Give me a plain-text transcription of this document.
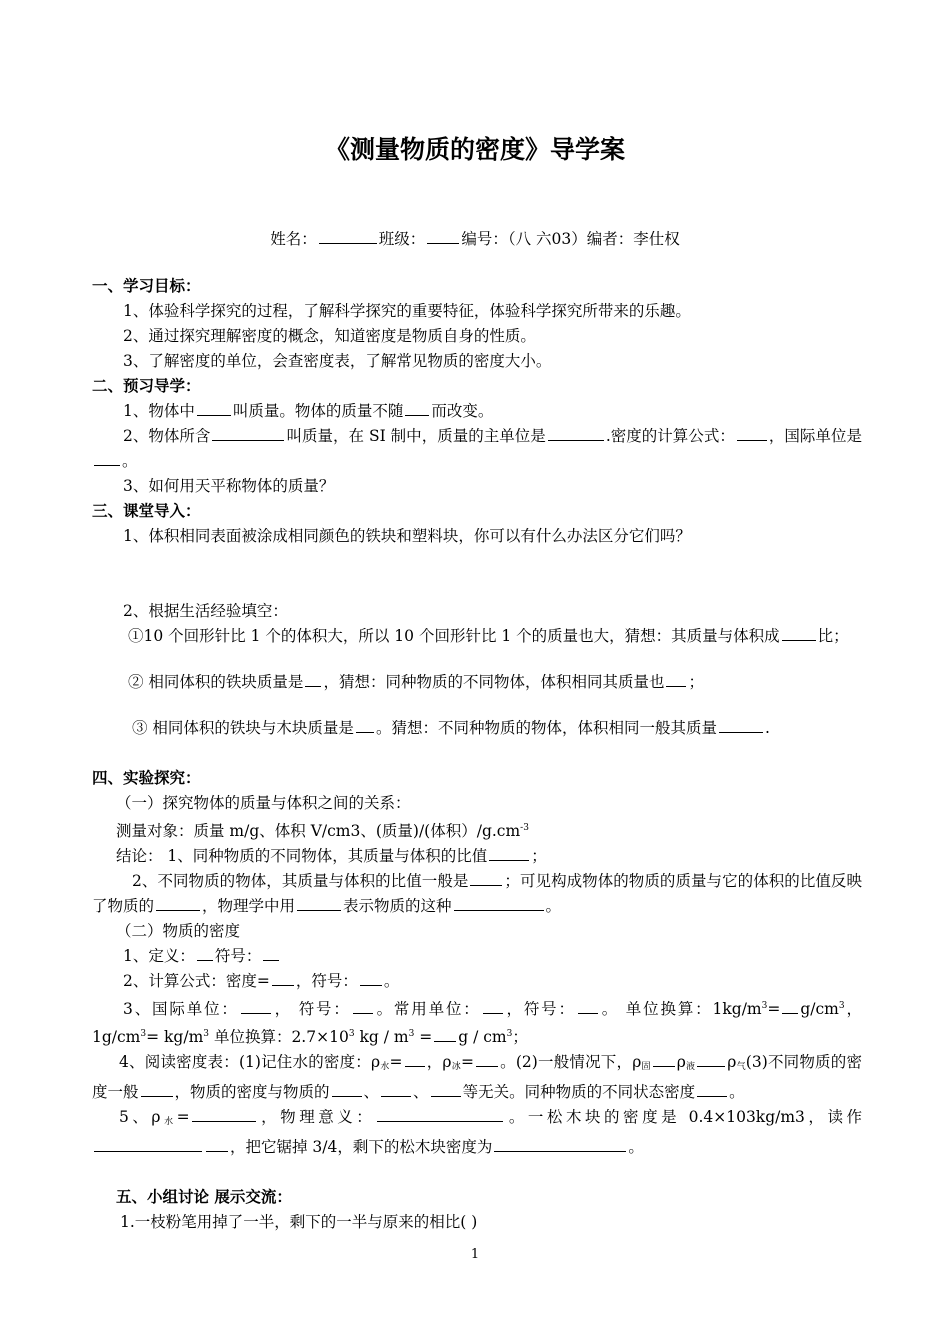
《测量物质的密度》导学案
姓名：	班级： 编号：（八 六03）编者：李仕权
一、学习目标：
1、体验科学探究的过程，了解科学探究的重要特征，体验科学探究所带来的乐趣。
2、通过探究理解密度的概念，知道密度是物质自身的性质。
3、了解密度的单位，会查密度表，了解常见物质的密度大小。
二、预习导学：
1、物体中 叫质量。物体的质量不随 而改变。
2、物体所含	叫质量，在 SI 制中，质量的主单位是	.密度的计算公式： ，国际单位是。
3、如何用天平称物体的质量？
三、课堂导入：
1、体积相同表面被涂成相同颜色的铁块和塑料块，你可以有什么办法区分它们吗？
2、根据生活经验填空：
①10 个回形针比 1 个的体积大，所以 10 个回形针比 1 个的质量也大，猜想：其质量与体积成 比；
② 相同体积的铁块质量是 ，猜想：同种物质的不同物体，体积相同其质量也 ；
③ 相同体积的铁块与木块质量是 。猜想：不同种物质的物体，体积相同一般其质量	.
四、实验探究：
（一）探究物体的质量与体积之间的关系：
测量对象：质量 m/g、体积 V/cm3、(质量)/(体积）$/g.cm^{-3}$
结论： 1、同种物质的不同物体，其质量与体积的比值	；
2、不同物质的物体，其质量与体积的比值一般是 ；可见构成物体的物质的质量与它的体积的比值反映了物质的	，物理学中用	表示物质的这种	。
（二）物质的密度
1、定义： 符号：
2、计算公式：密度= ，符号： 。
3、国际单位： ， 符号： 。常用单位： ，符号： 。 单位换算：$1kg/m^3= g/cm^3$， $1g/cm^3= kg/m^3$ 单位换算：$2.7\times 10^3$ kg / $m^3 = g / cm^3$；
4、阅读密度表：(1)记住水的密度：$\rho_水=$ ，$\rho_冰=$ 。(2)一般情况下，$\rho_固$ $\rho_液$ $\rho_气(3)$不同物质的密度一般 ，物质的密度与物质的 、 、 等无关。同种物质的不同状态密度 。
5、$\rho_水=$	，物理意义：	。一松木块的密度是 0.4×103kg/m3，读作，把它锯掉 3/4，剩下的松木块密度为	。
五、小组讨论 展示交流：
1.一枝粉笔用掉了一半，剩下的一半与原来的相比( )
1
